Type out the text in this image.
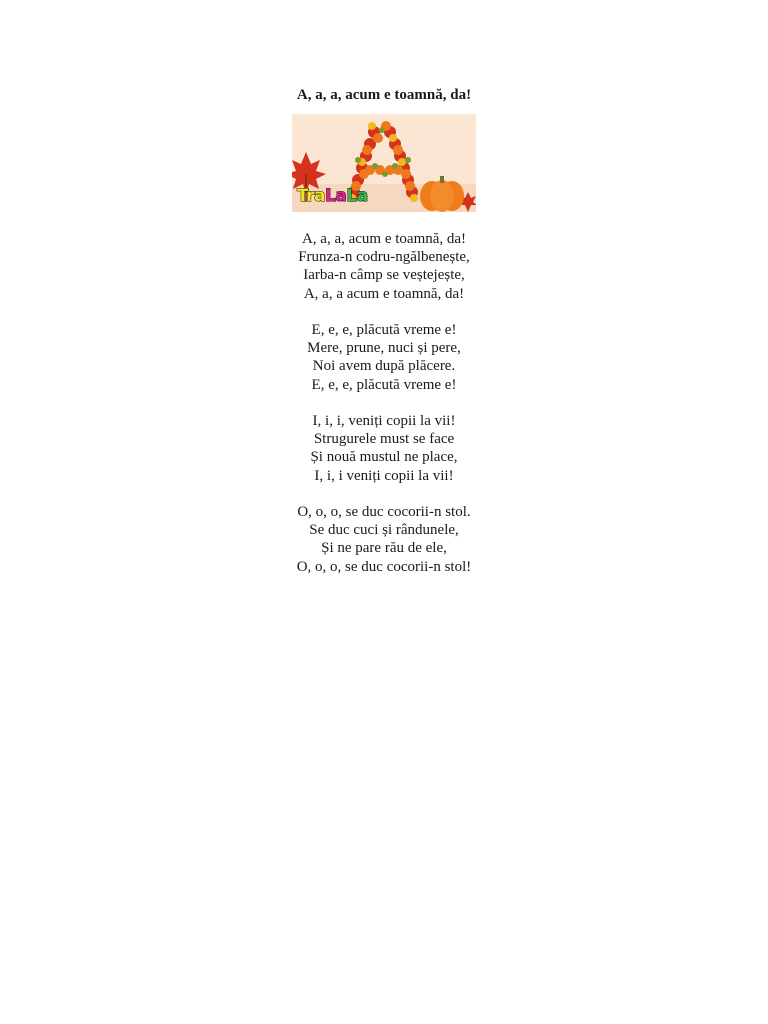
A, a, a, acum e toamnă, da!
TraLaLa
A, a, a, acum e toamnă, da!
Frunza-n codru-ngălbenește,
Iarba-n câmp se veștejește,
A, a, a acum e toamnă, da!
E, e, e, plăcută vreme e!
Mere, prune, nuci și pere,
Noi avem după plăcere.
E, e, e, plăcută vreme e!
I, i, i, veniți copii la vii!
Strugurele must se face
Și nouă mustul ne place,
I, i, i veniți copii la vii!
O, o, o, se duc cocorii-n stol.
Se duc cuci și rândunele,
Și ne pare rău de ele,
O, o, o, se duc cocorii-n stol!
